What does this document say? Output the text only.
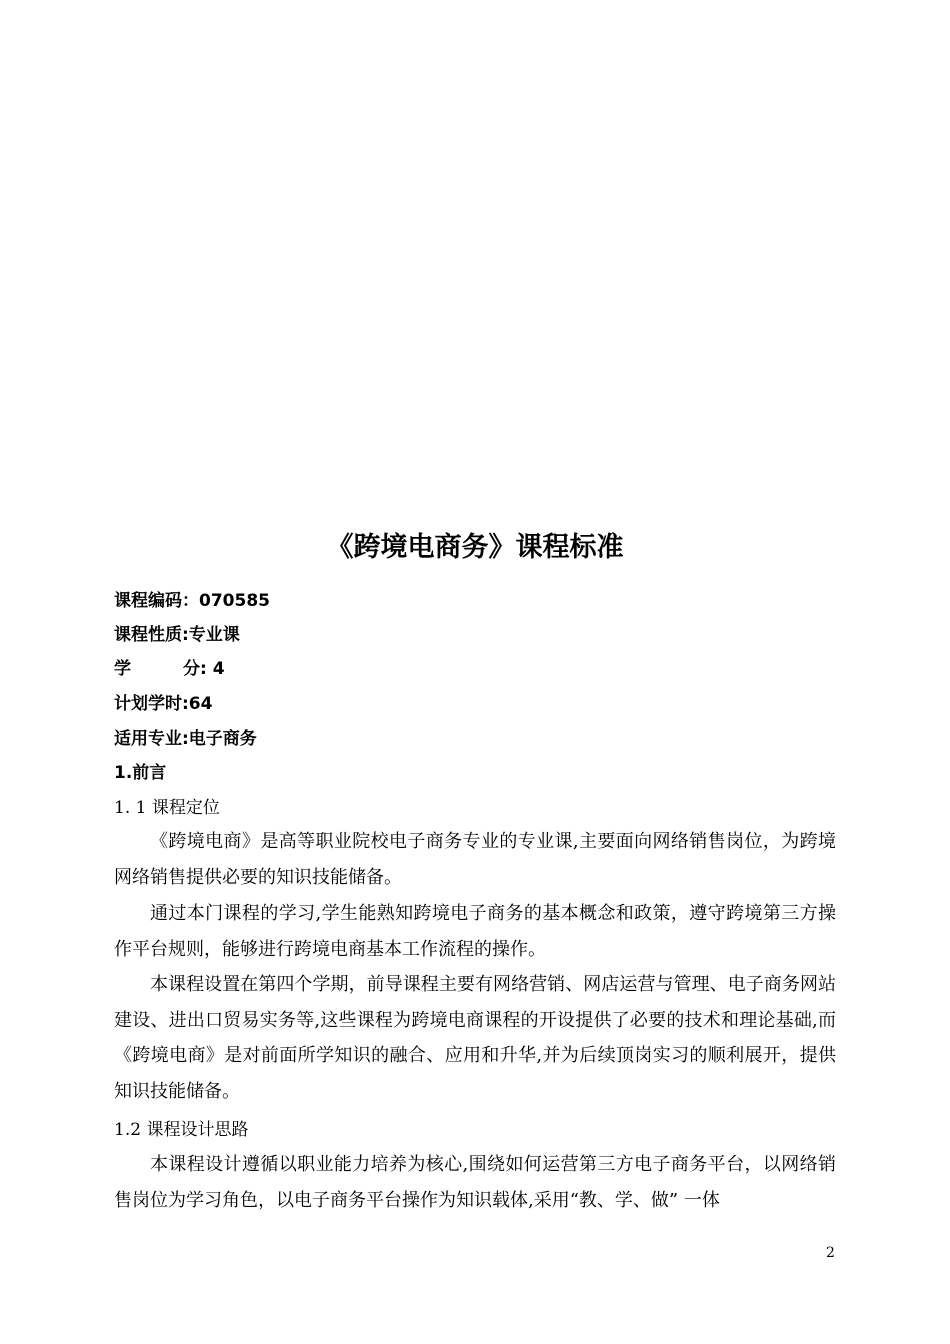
《跨境电商务》课程标准
课程编码：070585
课程性质:专业课
学	分: 4
计划学时:64
适用专业:电子商务
1.前言
1. 1 课程定位
《跨境电商》是高等职业院校电子商务专业的专业课,主要面向网络销售岗位，为跨境网络销售提供必要的知识技能储备。
通过本门课程的学习,学生能熟知跨境电子商务的基本概念和政策，遵守跨境第三方操作平台规则，能够进行跨境电商基本工作流程的操作。
本课程设置在第四个学期，前导课程主要有网络营销、网店运营与管理、电子商务网站建设、进出口贸易实务等,这些课程为跨境电商课程的开设提供了必要的技术和理论基础,而《跨境电商》是对前面所学知识的融合、应用和升华,并为后续顶岗实习的顺利展开，提供知识技能储备。
1.2 课程设计思路
本课程设计遵循以职业能力培养为核心,围绕如何运营第三方电子商务平台，以网络销售岗位为学习角色，以电子商务平台操作为知识载体,采用“教、学、做” 一体
2
